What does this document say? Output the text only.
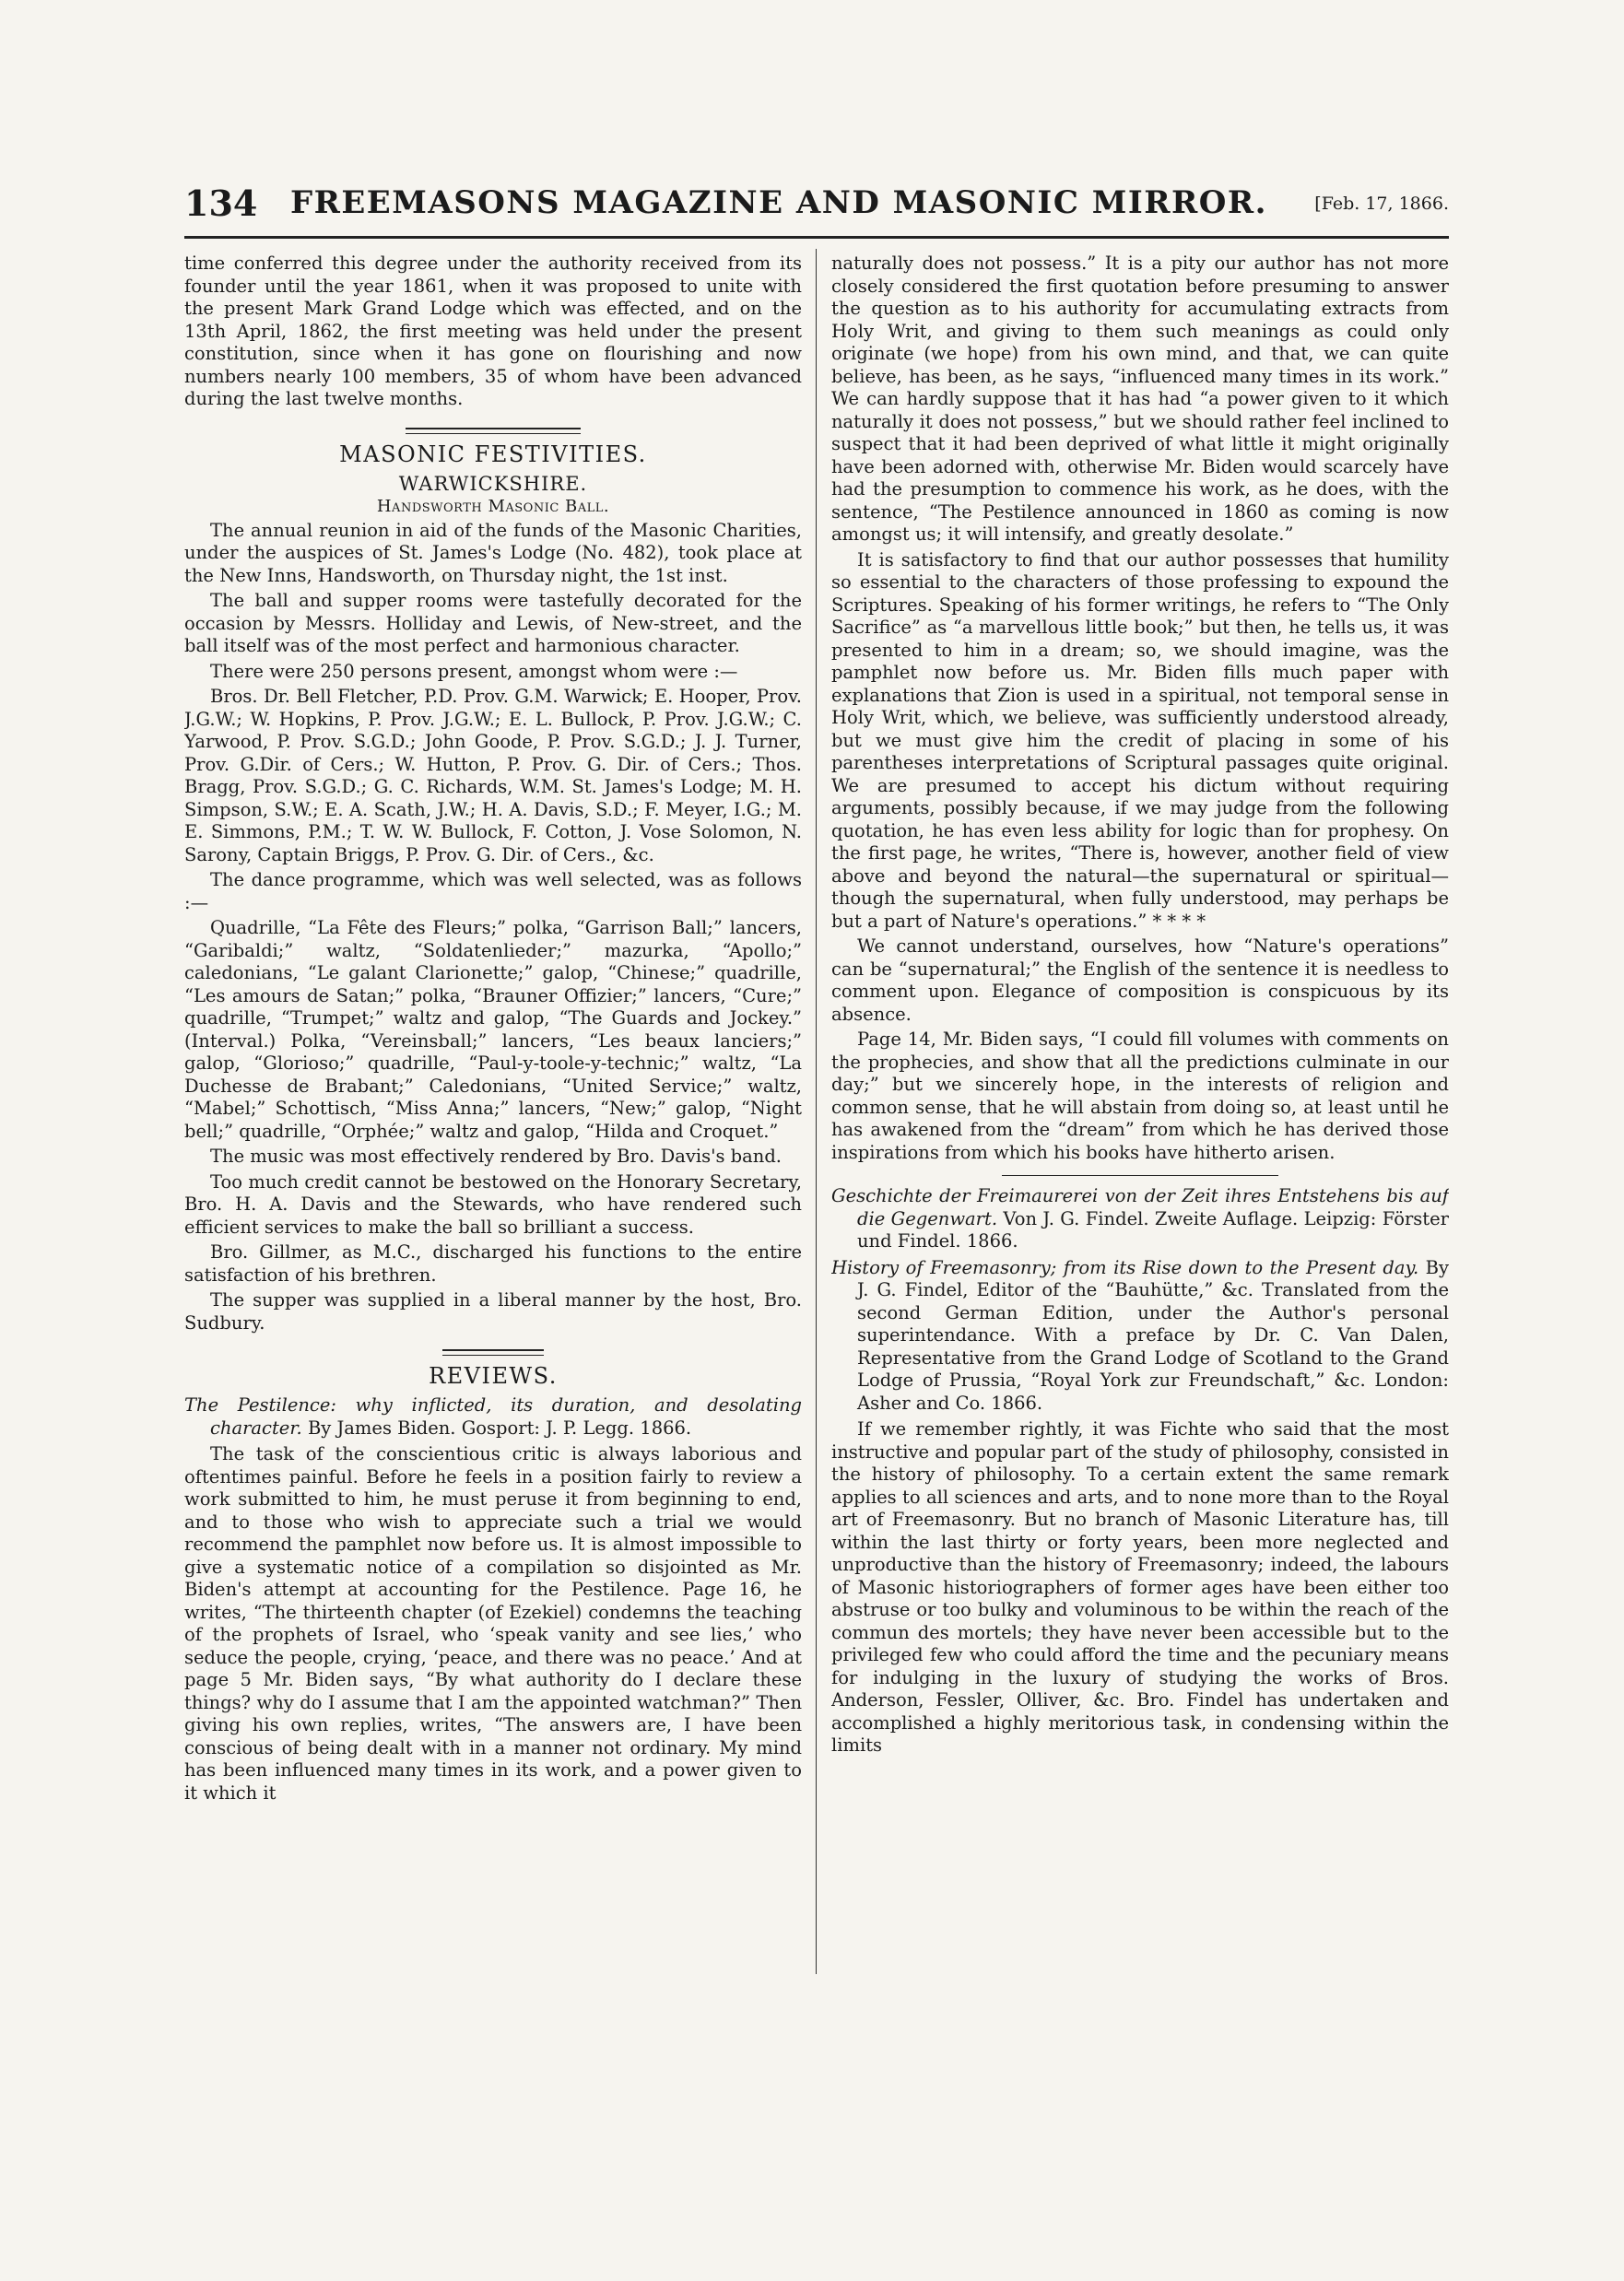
134	FREEMASONS MAGAZINE AND MASONIC MIRROR.	[Feb. 17, 1866.

time conferred this degree under the authority received from its founder until the year 1861, when it was proposed to unite with the present Mark Grand Lodge which was effected, and on the 13th April, 1862, the first meeting was held under the present constitution, since when it has gone on flourishing and now numbers nearly 100 members, 35 of whom have been advanced during the last twelve months.

MASONIC FESTIVITIES.
WARWICKSHIRE.
Handsworth Masonic Ball.

The annual reunion in aid of the funds of the Masonic Charities, under the auspices of St. James's Lodge (No. 482), took place at the New Inns, Handsworth, on Thursday night, the 1st inst.

The ball and supper rooms were tastefully decorated for the occasion by Messrs. Holliday and Lewis, of New-street, and the ball itself was of the most perfect and harmonious character.

There were 250 persons present, amongst whom were :—

Bros. Dr. Bell Fletcher, P.D. Prov. G.M. Warwick; E. Hooper, Prov. J.G.W.; W. Hopkins, P. Prov. J.G.W.; E. L. Bullock, P. Prov. J.G.W.; C. Yarwood, P. Prov. S.G.D.; John Goode, P. Prov. S.G.D.; J. J. Turner, Prov. G.Dir. of Cers.; W. Hutton, P. Prov. G. Dir. of Cers.; Thos. Bragg, Prov. S.G.D.; G. C. Richards, W.M. St. James's Lodge; M. H. Simpson, S.W.; E. A. Scath, J.W.; H. A. Davis, S.D.; F. Meyer, I.G.; M. E. Simmons, P.M.; T. W. W. Bullock, F. Cotton, J. Vose Solomon, N. Sarony, Captain Briggs, P. Prov. G. Dir. of Cers., &c.

The dance programme, which was well selected, was as follows :—

Quadrille, “La Fête des Fleurs;” polka, “Garrison Ball;” lancers, “Garibaldi;” waltz, “Soldatenlieder;” mazurka, “Apollo;” caledonians, “Le galant Clarionette;” galop, “Chinese;” quadrille, “Les amours de Satan;” polka, “Brauner Offizier;” lancers, “Cure;” quadrille, “Trumpet;” waltz and galop, “The Guards and Jockey.” (Interval.) Polka, “Vereinsball;” lancers, “Les beaux lanciers;” galop, “Glorioso;” quadrille, “Paul-y-toole-y-technic;” waltz, “La Duchesse de Brabant;” Caledonians, “United Service;” waltz, “Mabel;” Schottisch, “Miss Anna;” lancers, “New;” galop, “Night bell;” quadrille, “Orphée;” waltz and galop, “Hilda and Croquet.”

The music was most effectively rendered by Bro. Davis's band.

Too much credit cannot be bestowed on the Honorary Secretary, Bro. H. A. Davis and the Stewards, who have rendered such efficient services to make the ball so brilliant a success.

Bro. Gillmer, as M.C., discharged his functions to the entire satisfaction of his brethren.

The supper was supplied in a liberal manner by the host, Bro. Sudbury.

REVIEWS.

The Pestilence: why inflicted, its duration, and desolating character. By James Biden. Gosport: J. P. Legg. 1866.

The task of the conscientious critic is always laborious and oftentimes painful. Before he feels in a position fairly to review a work submitted to him, he must peruse it from beginning to end, and to those who wish to appreciate such a trial we would recommend the pamphlet now before us. It is almost impossible to give a systematic notice of a compilation so disjointed as Mr. Biden's attempt at accounting for the Pestilence. Page 16, he writes, “The thirteenth chapter (of Ezekiel) condemns the teaching of the prophets of Israel, who ‘speak vanity and see lies,’ who seduce the people, crying, ‘peace, and there was no peace.’ And at page 5 Mr. Biden says, “By what authority do I declare these things? why do I assume that I am the appointed watchman?” Then giving his own replies, writes, “The answers are, I have been conscious of being dealt with in a manner not ordinary. My mind has been influenced many times in its work, and a power given to it which it

naturally does not possess.” It is a pity our author has not more closely considered the first quotation before presuming to answer the question as to his authority for accumulating extracts from Holy Writ, and giving to them such meanings as could only originate (we hope) from his own mind, and that, we can quite believe, has been, as he says, “influenced many times in its work.” We can hardly suppose that it has had “a power given to it which naturally it does not possess,” but we should rather feel inclined to suspect that it had been deprived of what little it might originally have been adorned with, otherwise Mr. Biden would scarcely have had the presumption to commence his work, as he does, with the sentence, “The Pestilence announced in 1860 as coming is now amongst us; it will intensify, and greatly desolate.”

It is satisfactory to find that our author possesses that humility so essential to the characters of those professing to expound the Scriptures. Speaking of his former writings, he refers to “The Only Sacrifice” as “a marvellous little book;” but then, he tells us, it was presented to him in a dream; so, we should imagine, was the pamphlet now before us. Mr. Biden fills much paper with explanations that Zion is used in a spiritual, not temporal sense in Holy Writ, which, we believe, was sufficiently understood already, but we must give him the credit of placing in some of his parentheses interpretations of Scriptural passages quite original. We are presumed to accept his dictum without requiring arguments, possibly because, if we may judge from the following quotation, he has even less ability for logic than for prophesy. On the first page, he writes, “There is, however, another field of view above and beyond the natural—the supernatural or spiritual—though the supernatural, when fully understood, may perhaps be but a part of Nature's operations.” * * * *

We cannot understand, ourselves, how “Nature's operations” can be “supernatural;” the English of the sentence it is needless to comment upon. Elegance of composition is conspicuous by its absence.

Page 14, Mr. Biden says, “I could fill volumes with comments on the prophecies, and show that all the predictions culminate in our day;” but we sincerely hope, in the interests of religion and common sense, that he will abstain from doing so, at least until he has awakened from the “dream” from which he has derived those inspirations from which his books have hitherto arisen.

Geschichte der Freimaurerei von der Zeit ihres Entstehens bis auf die Gegenwart. Von J. G. Findel. Zweite Auflage. Leipzig: Förster und Findel. 1866.

History of Freemasonry; from its Rise down to the Present day. By J. G. Findel, Editor of the “Bauhütte,” &c. Translated from the second German Edition, under the Author's personal superintendance. With a preface by Dr. C. Van Dalen, Representative from the Grand Lodge of Scotland to the Grand Lodge of Prussia, “Royal York zur Freundschaft,” &c. London: Asher and Co. 1866.

If we remember rightly, it was Fichte who said that the most instructive and popular part of the study of philosophy, consisted in the history of philosophy. To a certain extent the same remark applies to all sciences and arts, and to none more than to the Royal art of Freemasonry. But no branch of Masonic Literature has, till within the last thirty or forty years, been more neglected and unproductive than the history of Freemasonry; indeed, the labours of Masonic historiographers of former ages have been either too abstruse or too bulky and voluminous to be within the reach of the commun des mortels; they have never been accessible but to the privileged few who could afford the time and the pecuniary means for indulging in the luxury of studying the works of Bros. Anderson, Fessler, Olliver, &c. Bro. Findel has undertaken and accomplished a highly meritorious task, in condensing within the limits
